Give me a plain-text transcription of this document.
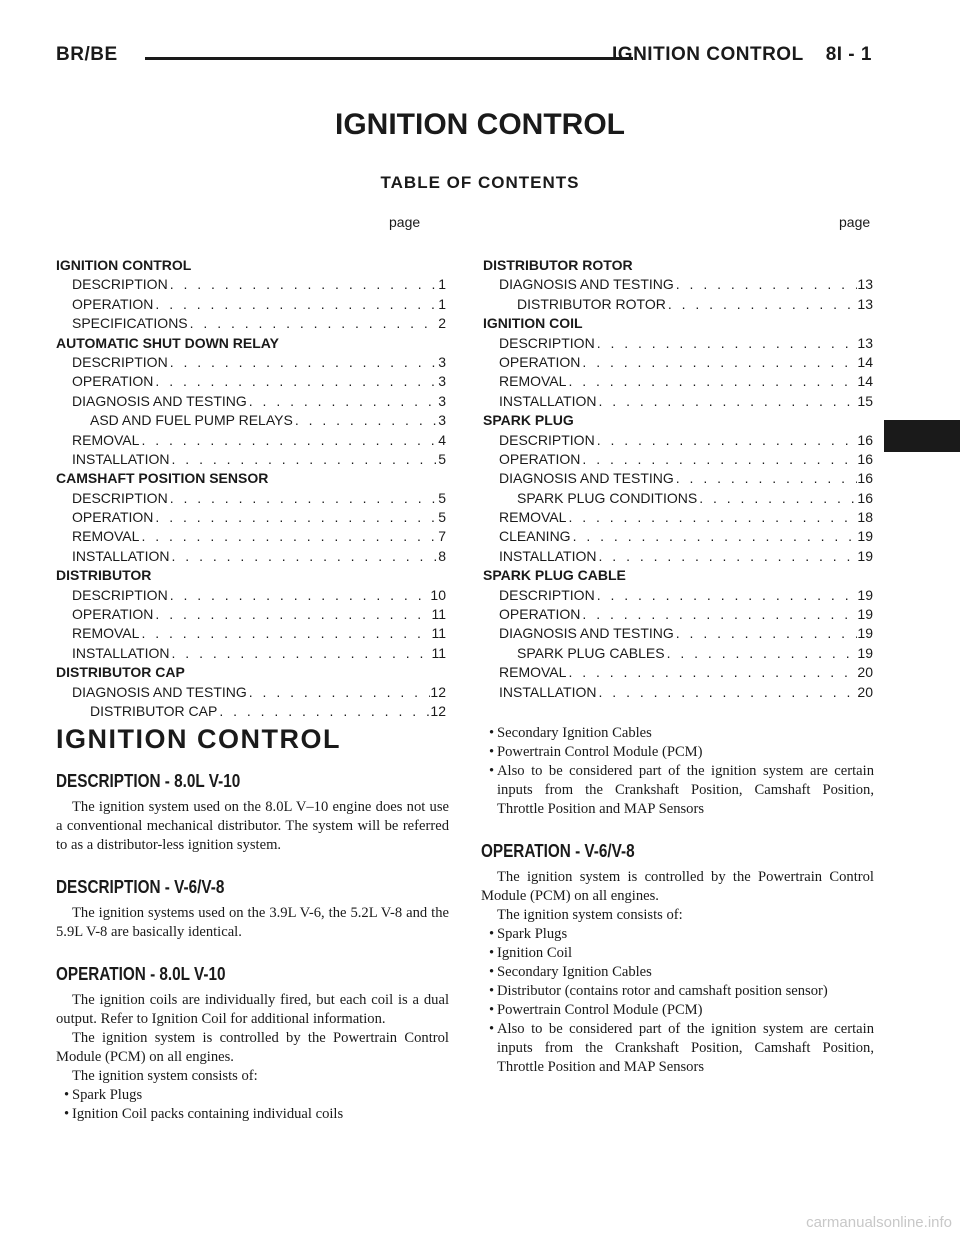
BR/BE	IGNITION CONTROL 8I - 1
IGNITION CONTROL
TABLE OF CONTENTS
page	page
IGNITION CONTROL
DESCRIPTION . . .	1
OPERATION . . .	1
SPECIFICATIONS . . .	2
AUTOMATIC SHUT DOWN RELAY
DESCRIPTION . . .	3
OPERATION . . .	3
DIAGNOSIS AND TESTING . . .	3
ASD AND FUEL PUMP RELAYS . . .	3
REMOVAL . . .	4
INSTALLATION . . .	5
CAMSHAFT POSITION SENSOR
DESCRIPTION . . .	5
OPERATION . . .	5
REMOVAL . . .	7
INSTALLATION . . .	8
DISTRIBUTOR
DESCRIPTION . . .	10
OPERATION . . .	11
REMOVAL . . .	11
INSTALLATION . . .	11
DISTRIBUTOR CAP
DIAGNOSIS AND TESTING . . .	12
DISTRIBUTOR CAP . . .	12
DISTRIBUTOR ROTOR
DIAGNOSIS AND TESTING . . .	13
DISTRIBUTOR ROTOR . . .	13
IGNITION COIL
DESCRIPTION . . .	13
OPERATION . . .	14
REMOVAL . . .	14
INSTALLATION . . .	15
SPARK PLUG
DESCRIPTION . . .	16
OPERATION . . .	16
DIAGNOSIS AND TESTING . . .	16
SPARK PLUG CONDITIONS . . .	16
REMOVAL . . .	18
CLEANING . . .	19
INSTALLATION . . .	19
SPARK PLUG CABLE
DESCRIPTION . . .	19
OPERATION . . .	19
DIAGNOSIS AND TESTING . . .	19
SPARK PLUG CABLES . . .	19
REMOVAL . . .	20
INSTALLATION . . .	20
IGNITION CONTROL
DESCRIPTION - 8.0L V-10

The ignition system used on the 8.0L V–10 engine does not use a conventional mechanical distributor. The system will be referred to as a distributor-less ignition system.

DESCRIPTION - V-6/V-8

The ignition systems used on the 3.9L V-6, the 5.2L V-8 and the 5.9L V-8 are basically identical.

OPERATION - 8.0L V-10

The ignition coils are individually fired, but each coil is a dual output. Refer to Ignition Coil for additional information.

The ignition system is controlled by the Powertrain Control Module (PCM) on all engines.

The ignition system consists of:

• Spark Plugs

• Ignition Coil packs containing individual coils

• Secondary Ignition Cables

• Powertrain Control Module (PCM)

• Also to be considered part of the ignition system are certain inputs from the Crankshaft Position, Camshaft Position, Throttle Position and MAP Sensors

OPERATION - V-6/V-8

The ignition system is controlled by the Powertrain Control Module (PCM) on all engines.

The ignition system consists of:

• Spark Plugs

• Ignition Coil

• Secondary Ignition Cables

• Distributor (contains rotor and camshaft position sensor)

• Powertrain Control Module (PCM)

• Also to be considered part of the ignition system are certain inputs from the Crankshaft Position, Camshaft Position, Throttle Position and MAP Sensors

carmanualsonline.info
